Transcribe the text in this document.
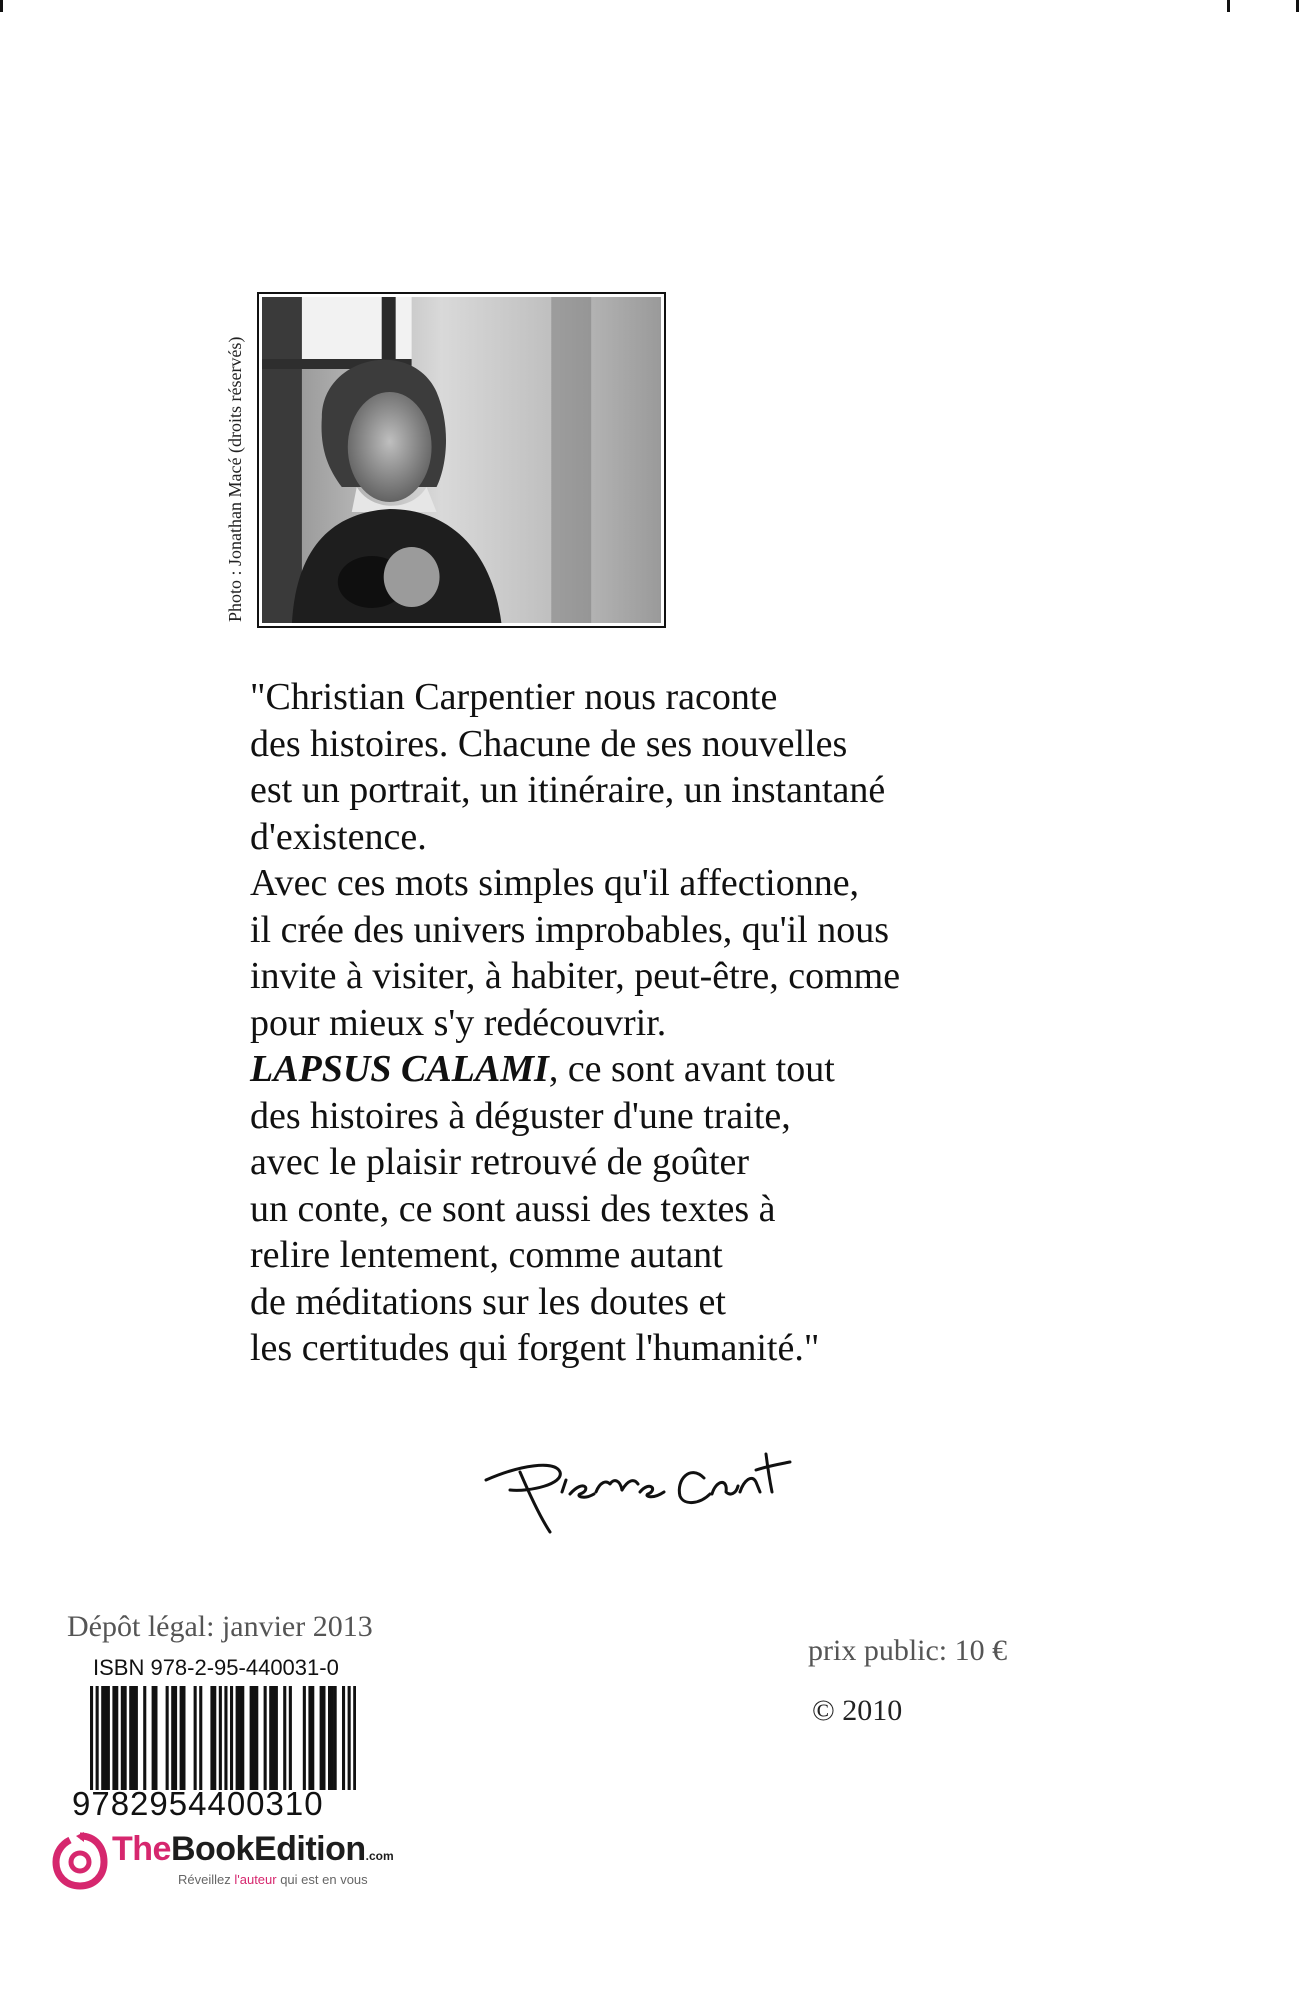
Photo : Jonathan Macé (droits réservés)
"Christian Carpentier nous raconte
des histoires. Chacune de ses nouvelles
est un portrait, un itinéraire, un instantané
d'existence.
Avec ces mots simples qu'il affectionne,
il crée des univers improbables, qu'il nous
invite à visiter, à habiter, peut-être, comme
pour mieux s'y redécouvrir.
LAPSUS CALAMI, ce sont avant tout
des histoires à déguster d'une traite,
avec le plaisir retrouvé de goûter
un conte, ce sont aussi des textes à
relire lentement, comme autant
de méditations sur les doutes et
les certitudes qui forgent l'humanité."
Dépôt légal: janvier 2013
ISBN 978-2-95-440031-0
9782954400310
TheBookEdition.com
Réveillez l'auteur qui est en vous
prix public: 10 €
© 2010
